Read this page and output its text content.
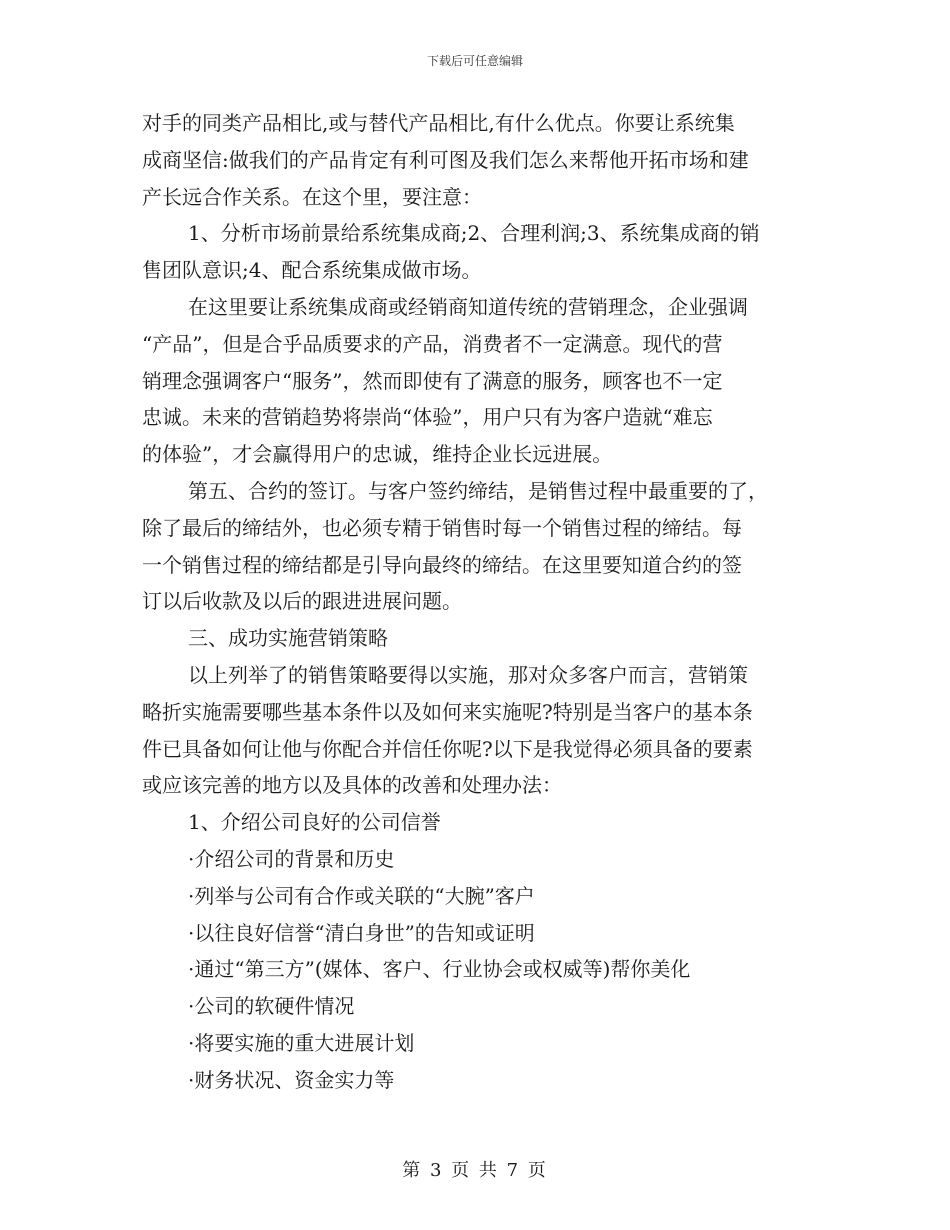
下载后可任意编辑

对手的同类产品相比,或与替代产品相比,有什么优点。你要让系统集
成商坚信:做我们的产品肯定有利可图及我们怎么来帮他开拓市场和建
产长远合作关系。在这个里，要注意：

1、分析市场前景给系统集成商;2、合理利润;3、系统集成商的销
售团队意识;4、配合系统集成做市场。

在这里要让系统集成商或经销商知道传统的营销理念，企业强调
“产品”，但是合乎品质要求的产品，消费者不一定满意。现代的营
销理念强调客户“服务”，然而即使有了满意的服务，顾客也不一定
忠诚。未来的营销趋势将崇尚“体验”，用户只有为客户造就“难忘
的体验”，才会赢得用户的忠诚，维持企业长远进展。

第五、合约的签订。与客户签约缔结，是销售过程中最重要的了，
除了最后的缔结外，也必须专精于销售时每一个销售过程的缔结。每
一个销售过程的缔结都是引导向最终的缔结。在这里要知道合约的签
订以后收款及以后的跟进进展问题。

三、成功实施营销策略

以上列举了的销售策略要得以实施，那对众多客户而言，营销策
略折实施需要哪些基本条件以及如何来实施呢?特别是当客户的基本条
件已具备如何让他与你配合并信任你呢?以下是我觉得必须具备的要素
或应该完善的地方以及具体的改善和处理办法：

1、介绍公司良好的公司信誉

·介绍公司的背景和历史
·列举与公司有合作或关联的“大腕”客户
·以往良好信誉“清白身世”的告知或证明
·通过“第三方”(媒体、客户、行业协会或权威等)帮你美化
·公司的软硬件情况
·将要实施的重大进展计划
·财务状况、资金实力等
第 3 页 共 7 页
